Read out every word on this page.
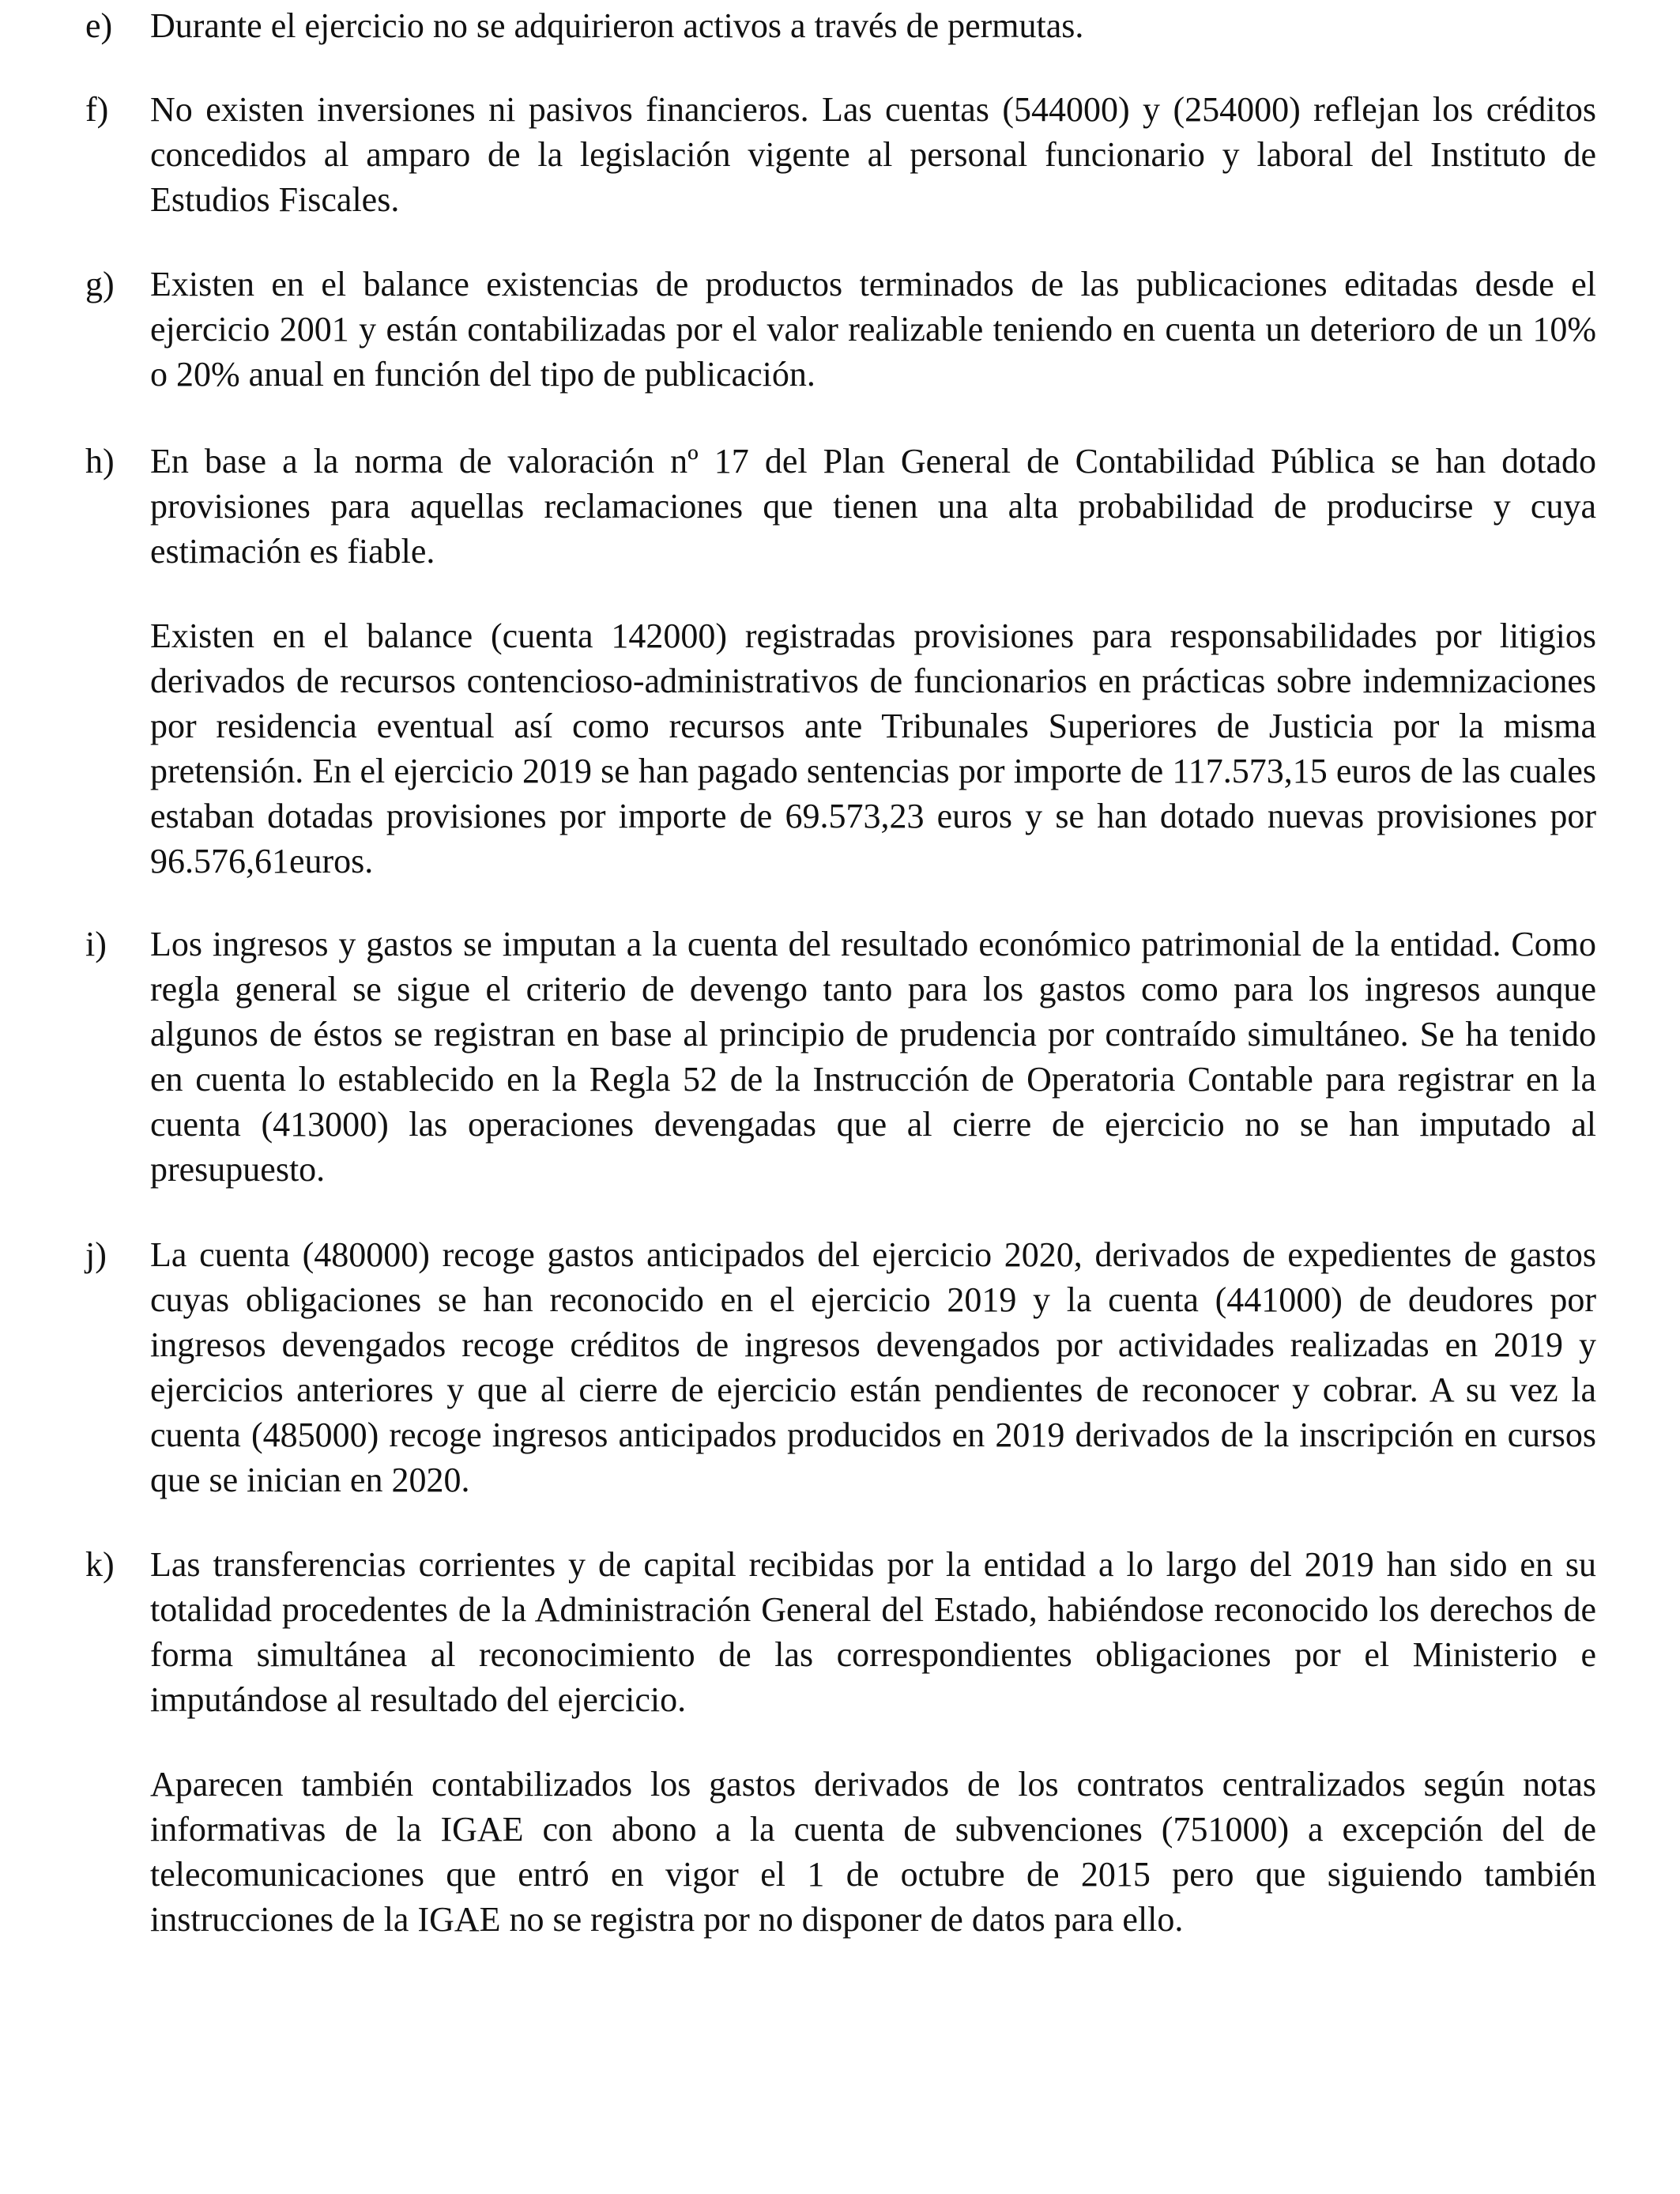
e) Durante el ejercicio no se adquirieron activos a través de permutas.

f) No existen inversiones ni pasivos financieros. Las cuentas (544000) y (254000) reflejan los créditos concedidos al amparo de la legislación vigente al personal funcionario y laboral del Instituto de Estudios Fiscales.

g) Existen en el balance existencias de productos terminados de las publicaciones editadas desde el ejercicio 2001 y están contabilizadas por el valor realizable teniendo en cuenta un deterioro de un 10% o 20% anual en función del tipo de publicación.

h) En base a la norma de valoración nº 17 del Plan General de Contabilidad Pública se han dotado provisiones para aquellas reclamaciones que tienen una alta probabilidad de producirse y cuya estimación es fiable.

Existen en el balance (cuenta 142000) registradas provisiones para responsabilidades por litigios derivados de recursos contencioso-administrativos de funcionarios en prácticas sobre indemnizaciones por residencia eventual así como recursos ante Tribunales Superiores de Justicia por la misma pretensión. En el ejercicio 2019 se han pagado sentencias por importe de 117.573,15 euros de las cuales estaban dotadas provisiones por importe de 69.573,23 euros y se han dotado nuevas provisiones por 96.576,61euros.

i) Los ingresos y gastos se imputan a la cuenta del resultado económico patrimonial de la entidad. Como regla general se sigue el criterio de devengo tanto para los gastos como para los ingresos aunque algunos de éstos se registran en base al principio de prudencia por contraído simultáneo. Se ha tenido en cuenta lo establecido en la Regla 52 de la Instrucción de Operatoria Contable para registrar en la cuenta (413000) las operaciones devengadas que al cierre de ejercicio no se han imputado al presupuesto.

j) La cuenta (480000) recoge gastos anticipados del ejercicio 2020, derivados de expedientes de gastos cuyas obligaciones se han reconocido en el ejercicio 2019 y la cuenta (441000) de deudores por ingresos devengados recoge créditos de ingresos devengados por actividades realizadas en 2019 y ejercicios anteriores y que al cierre de ejercicio están pendientes de reconocer y cobrar. A su vez la cuenta (485000) recoge ingresos anticipados producidos en 2019 derivados de la inscripción en cursos que se inician en 2020.

k) Las transferencias corrientes y de capital recibidas por la entidad a lo largo del 2019 han sido en su totalidad procedentes de la Administración General del Estado, habiéndose reconocido los derechos de forma simultánea al reconocimiento de las correspondientes obligaciones por el Ministerio e imputándose al resultado del ejercicio.

Aparecen también contabilizados los gastos derivados de los contratos centralizados según notas informativas de la IGAE con abono a la cuenta de subvenciones (751000) a excepción del de telecomunicaciones que entró en vigor el 1 de octubre de 2015 pero que siguiendo también instrucciones de la IGAE no se registra por no disponer de datos para ello.
